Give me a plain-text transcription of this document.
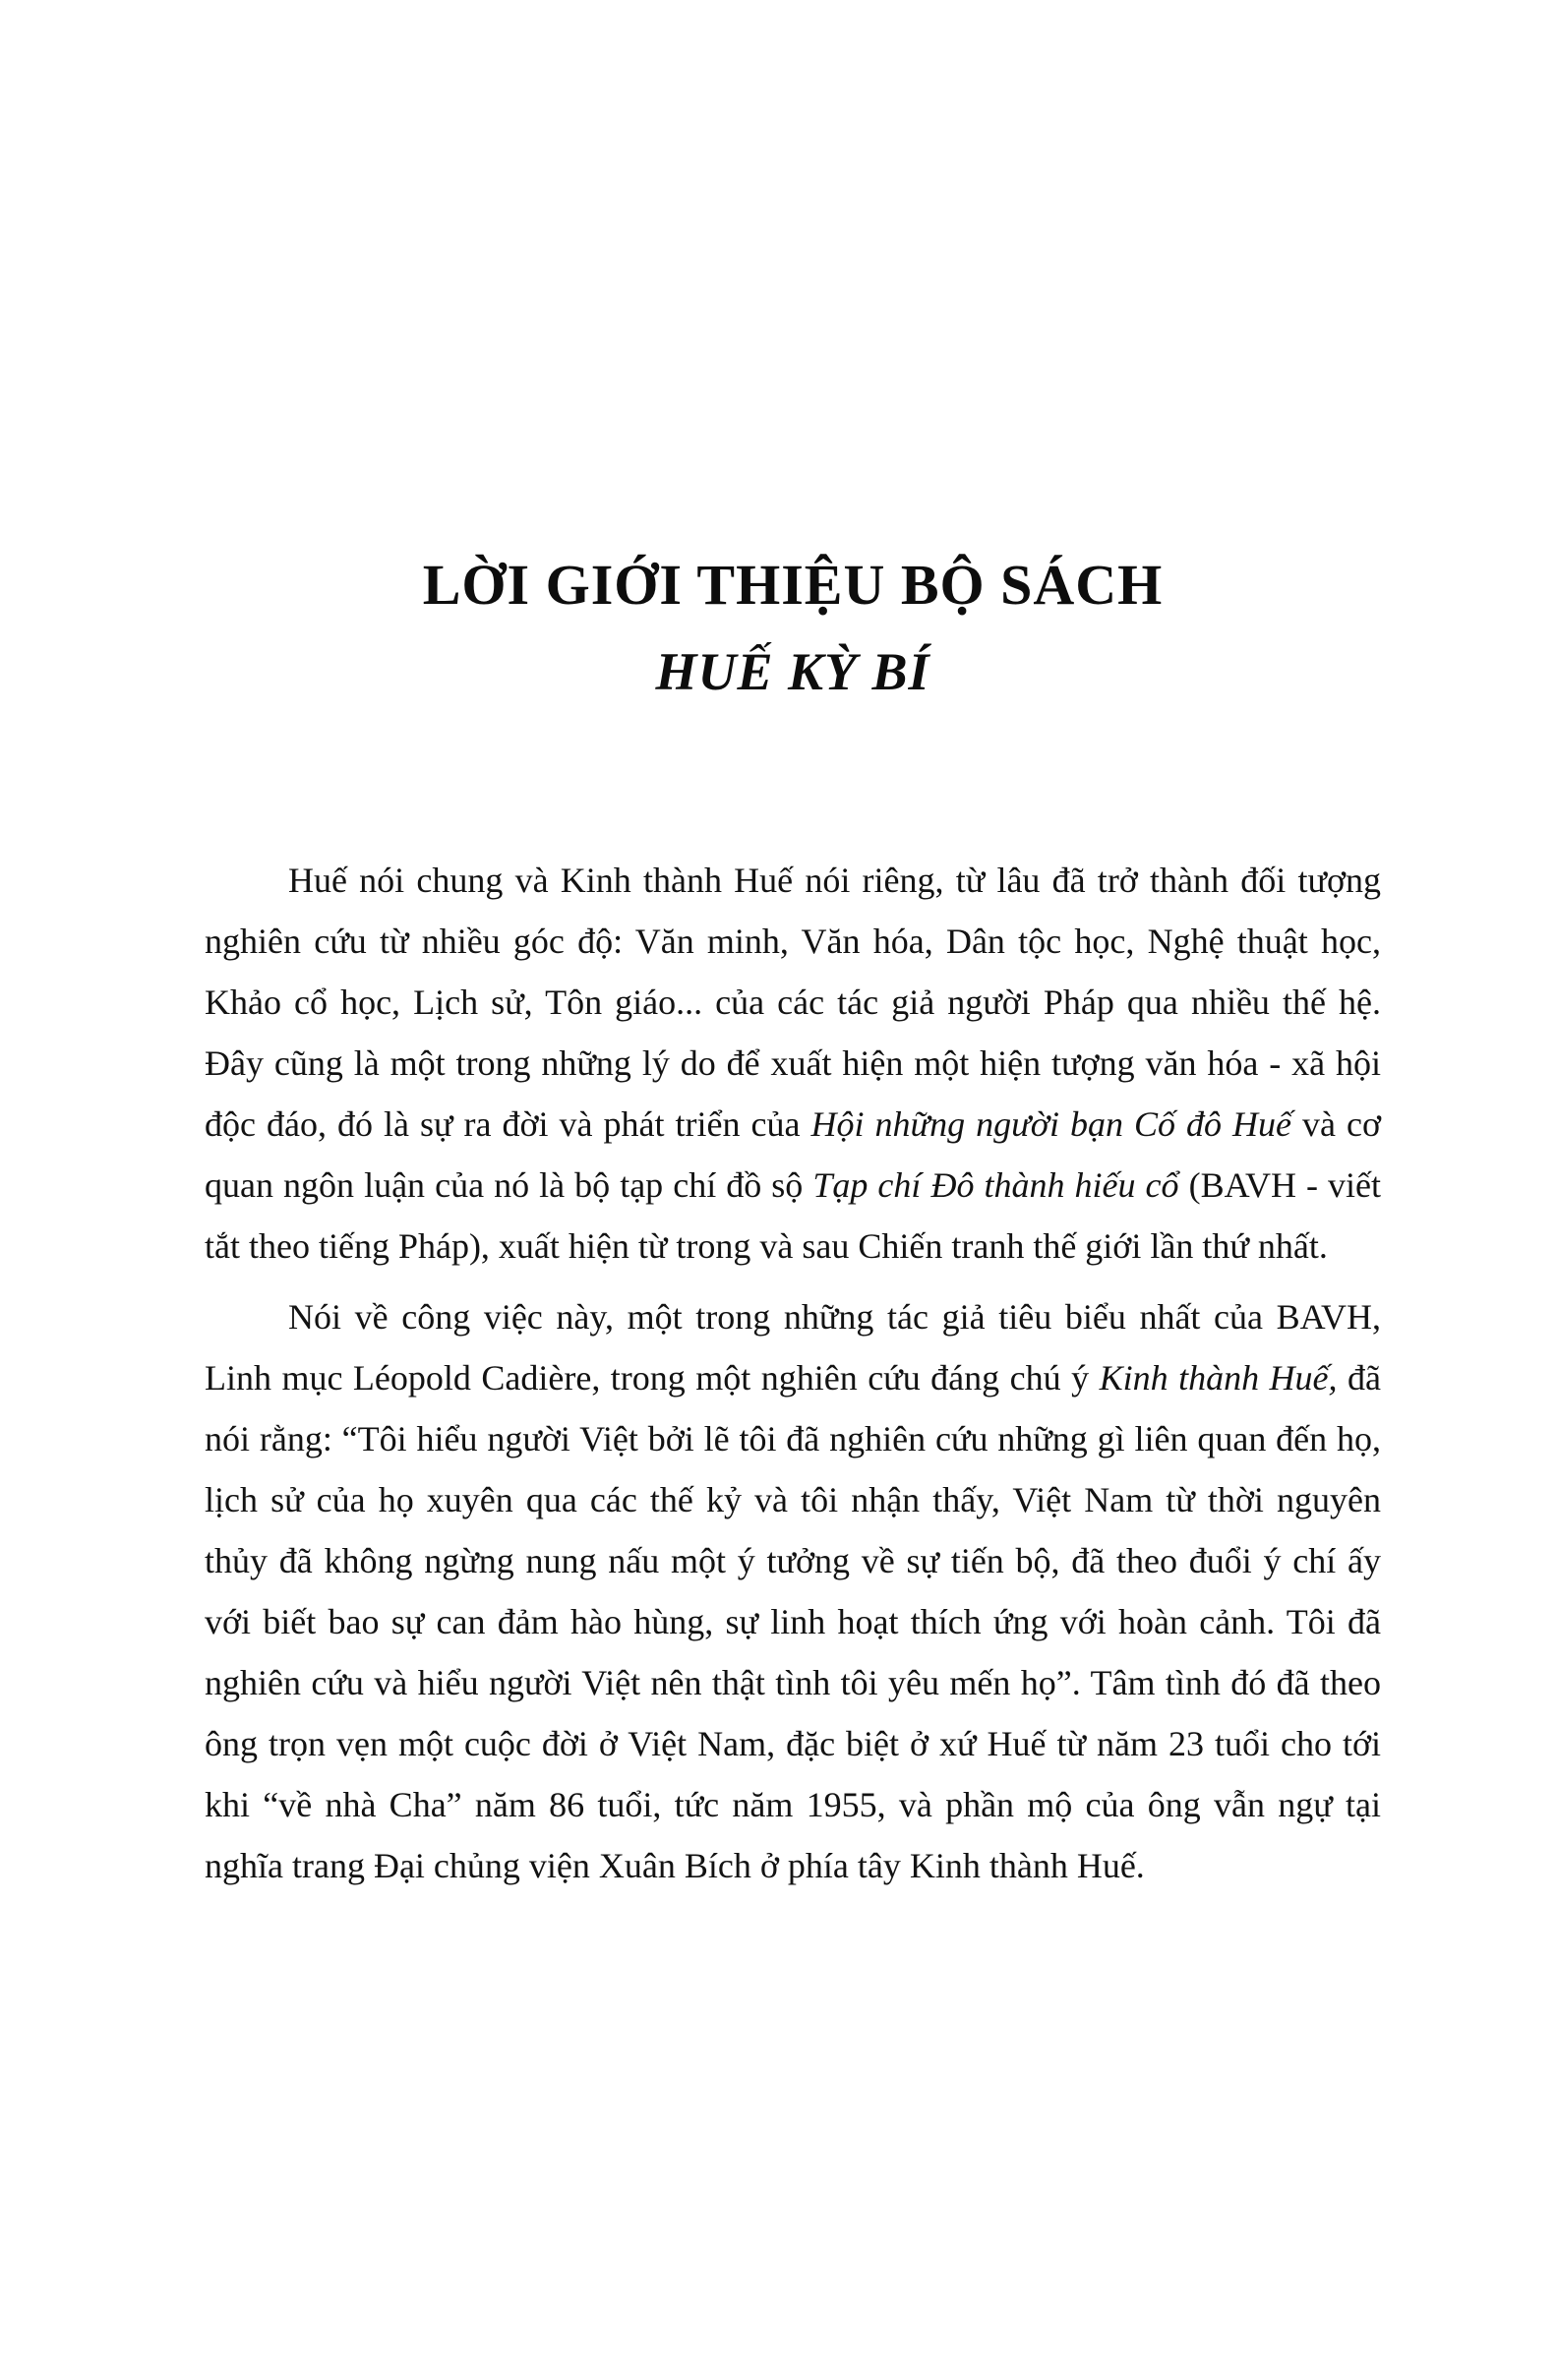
LỜI GIỚI THIỆU BỘ SÁCH
HUẾ KỲ BÍ

Huế nói chung và Kinh thành Huế nói riêng, từ lâu đã trở thành đối tượng nghiên cứu từ nhiều góc độ: Văn minh, Văn hóa, Dân tộc học, Nghệ thuật học, Khảo cổ học, Lịch sử, Tôn giáo... của các tác giả người Pháp qua nhiều thế hệ. Đây cũng là một trong những lý do để xuất hiện một hiện tượng văn hóa - xã hội độc đáo, đó là sự ra đời và phát triển của Hội những người bạn Cố đô Huế và cơ quan ngôn luận của nó là bộ tạp chí đồ sộ Tạp chí Đô thành hiếu cổ (BAVH - viết tắt theo tiếng Pháp), xuất hiện từ trong và sau Chiến tranh thế giới lần thứ nhất.

Nói về công việc này, một trong những tác giả tiêu biểu nhất của BAVH, Linh mục Léopold Cadière, trong một nghiên cứu đáng chú ý Kinh thành Huế, đã nói rằng: “Tôi hiểu người Việt bởi lẽ tôi đã nghiên cứu những gì liên quan đến họ, lịch sử của họ xuyên qua các thế kỷ và tôi nhận thấy, Việt Nam từ thời nguyên thủy đã không ngừng nung nấu một ý tưởng về sự tiến bộ, đã theo đuổi ý chí ấy với biết bao sự can đảm hào hùng, sự linh hoạt thích ứng với hoàn cảnh. Tôi đã nghiên cứu và hiểu người Việt nên thật tình tôi yêu mến họ”. Tâm tình đó đã theo ông trọn vẹn một cuộc đời ở Việt Nam, đặc biệt ở xứ Huế từ năm 23 tuổi cho tới khi “về nhà Cha” năm 86 tuổi, tức năm 1955, và phần mộ của ông vẫn ngự tại nghĩa trang Đại chủng viện Xuân Bích ở phía tây Kinh thành Huế.
